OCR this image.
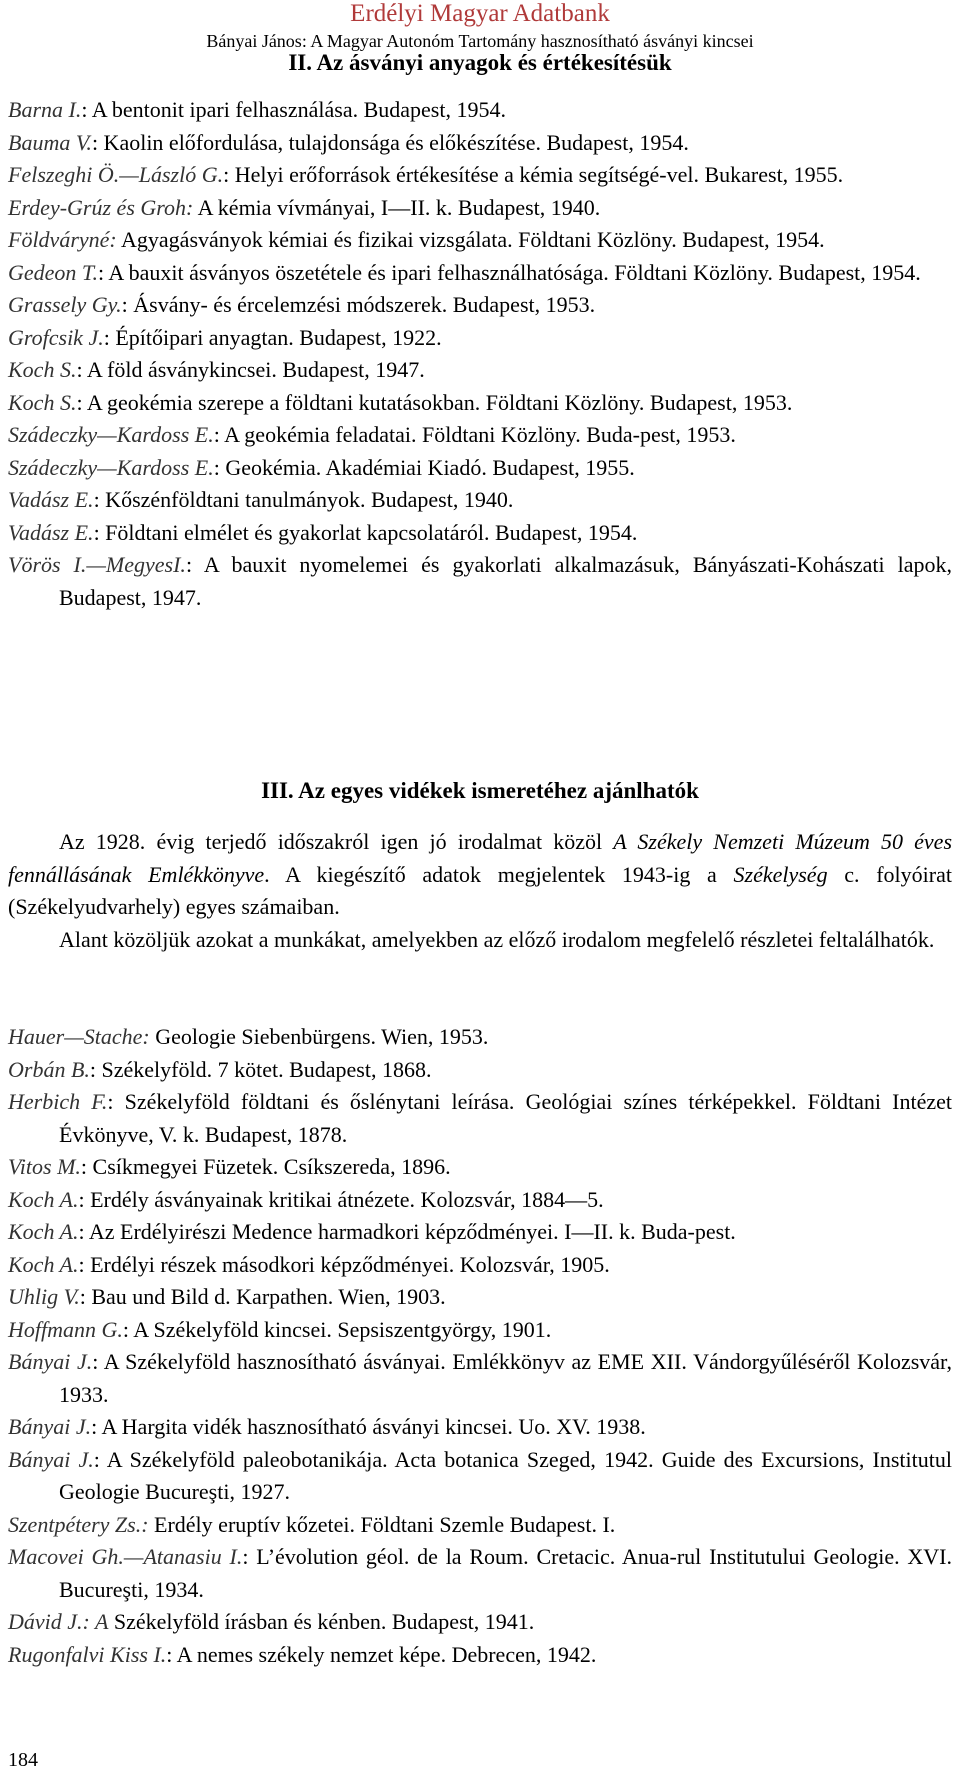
Erdélyi Magyar Adatbank
Bányai János: A Magyar Autonóm Tartomány hasznosítható ásványi kincsei
II. Az ásványi anyagok és értékesítésük
Barna I.: A bentonit ipari felhasználása. Budapest, 1954.
Bauma V.: Kaolin előfordulása, tulajdonsága és előkészítése. Budapest, 1954.
Felszeghi Ö.—László G.: Helyi erőforrások értékesítése a kémia segítségé-vel. Bukarest, 1955.
Erdey-Grúz és Groh: A kémia vívmányai, I—II. k. Budapest, 1940.
Földváryné: Agyagásványok kémiai és fizikai vizsgálata. Földtani Közlöny. Budapest, 1954.
Gedeon T.: A bauxit ásványos öszetétele és ipari felhasználhatósága. Földtani Közlöny. Budapest, 1954.
Grassely Gy.: Ásvány- és ércelemzési módszerek. Budapest, 1953.
Grofcsik J.: Építőipari anyagtan. Budapest, 1922.
Koch S.: A föld ásványkincsei. Budapest, 1947.
Koch S.: A geokémia szerepe a földtani kutatásokban. Földtani Közlöny. Budapest, 1953.
Szádeczky—Kardoss E.: A geokémia feladatai. Földtani Közlöny. Buda-pest, 1953.
Szádeczky—Kardoss E.: Geokémia. Akadémiai Kiadó. Budapest, 1955.
Vadász E.: Kőszénföldtani tanulmányok. Budapest, 1940.
Vadász E.: Földtani elmélet és gyakorlat kapcsolatáról. Budapest, 1954.
Vörös I.—MegyesI.: A bauxit nyomelemei és gyakorlati alkalmazásuk, Bányászati-Kohászati lapok, Budapest, 1947.
III. Az egyes vidékek ismeretéhez ajánlhatók
Az 1928. évig terjedő időszakról igen jó irodalmat közöl A Székely Nemzeti Múzeum 50 éves fennállásának Emlékkönyve. A kiegészítő adatok megjelentek 1943-ig a Székelység c. folyóirat (Székelyudvarhely) egyes számaiban.
Alant közöljük azokat a munkákat, amelyekben az előző irodalom megfelelő részletei feltalálhatók.
Hauer—Stache: Geologie Siebenbürgens. Wien, 1953.
Orbán B.: Székelyföld. 7 kötet. Budapest, 1868.
Herbich F.: Székelyföld földtani és őslénytani leírása. Geológiai színes térképekkel. Földtani Intézet Évkönyve, V. k. Budapest, 1878.
Vitos M.: Csíkmegyei Füzetek. Csíkszereda, 1896.
Koch A.: Erdély ásványainak kritikai átnézete. Kolozsvár, 1884—5.
Koch A.: Az Erdélyirészi Medence harmadkori képződményei. I—II. k. Buda-pest.
Koch A.: Erdélyi részek másodkori képződményei. Kolozsvár, 1905.
Uhlig V.: Bau und Bild d. Karpathen. Wien, 1903.
Hoffmann G.: A Székelyföld kincsei. Sepsiszentgyörgy, 1901.
Bányai J.: A Székelyföld hasznosítható ásványai. Emlékkönyv az EME XII. Vándorgyűléséről Kolozsvár, 1933.
Bányai J.: A Hargita vidék hasznosítható ásványi kincsei. Uo. XV. 1938.
Bányai J.: A Székelyföld paleobotanikája. Acta botanica Szeged, 1942. Guide des Excursions, Institutul Geologie Bucureşti, 1927.
Szentpétery Zs.: Erdély eruptív kőzetei. Földtani Szemle Budapest. I.
Macovei Gh.—Atanasiu I.: L’évolution géol. de la Roum. Cretacic. Anua-rul Institutului Geologie. XVI. Bucureşti, 1934.
Dávid J.: A Székelyföld írásban és kénben. Budapest, 1941.
Rugonfalvi Kiss I.: A nemes székely nemzet képe. Debrecen, 1942.
184
